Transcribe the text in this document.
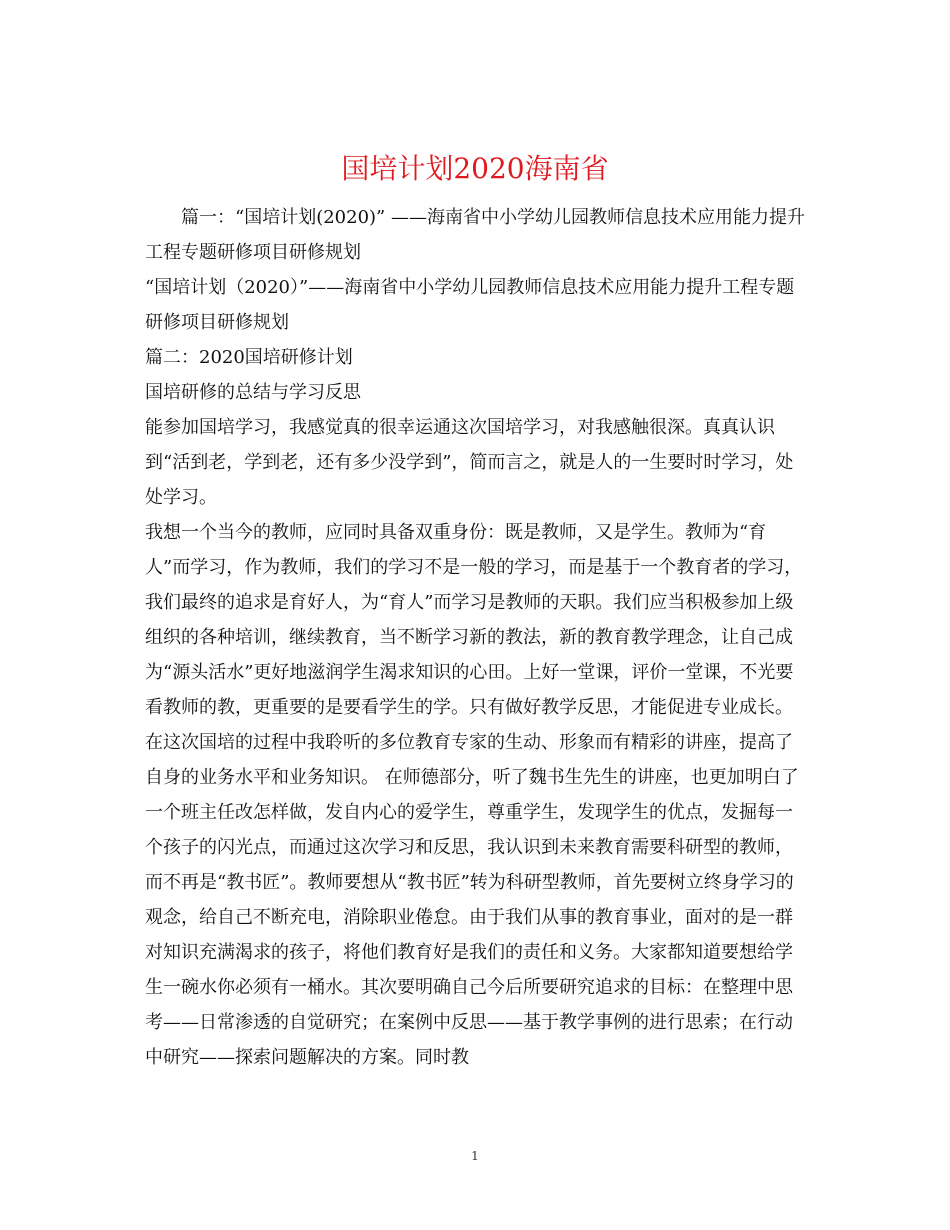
国培计划2020海南省

篇一：“国培计划(2020)” ——海南省中小学幼儿园教师信息技术应用能力提升工程专题研修项目研修规划

“国培计划（2020）”——海南省中小学幼儿园教师信息技术应用能力提升工程专题研修项目研修规划

篇二：2020国培研修计划

国培研修的总结与学习反思

能参加国培学习，我感觉真的很幸运通这次国培学习，对我感触很深。真真认识到“活到老，学到老，还有多少没学到”，简而言之，就是人的一生要时时学习，处处学习。

我想一个当今的教师，应同时具备双重身份：既是教师，又是学生。教师为“育人”而学习，作为教师，我们的学习不是一般的学习，而是基于一个教育者的学习，我们最终的追求是育好人，为“育人”而学习是教师的天职。我们应当积极参加上级组织的各种培训，继续教育，当不断学习新的教法，新的教育教学理念，让自己成为“源头活水”更好地滋润学生渴求知识的心田。上好一堂课，评价一堂课，不光要看教师的教，更重要的是要看学生的学。只有做好教学反思，才能促进专业成长。在这次国培的过程中我聆听的多位教育专家的生动、形象而有精彩的讲座，提高了自身的业务水平和业务知识。 在师德部分，听了魏书生先生的讲座，也更加明白了一个班主任改怎样做，发自内心的爱学生，尊重学生，发现学生的优点，发掘每一个孩子的闪光点，而通过这次学习和反思，我认识到未来教育需要科研型的教师，而不再是“教书匠”。教师要想从“教书匠”转为科研型教师，首先要树立终身学习的观念，给自己不断充电，消除职业倦怠。由于我们从事的教育事业，面对的是一群对知识充满渴求的孩子，将他们教育好是我们的责任和义务。大家都知道要想给学生一碗水你必须有一桶水。其次要明确自己今后所要研究追求的目标：在整理中思考——日常渗透的自觉研究；在案例中反思——基于教学事例的进行思索；在行动中研究——探索问题解决的方案。同时教

1
